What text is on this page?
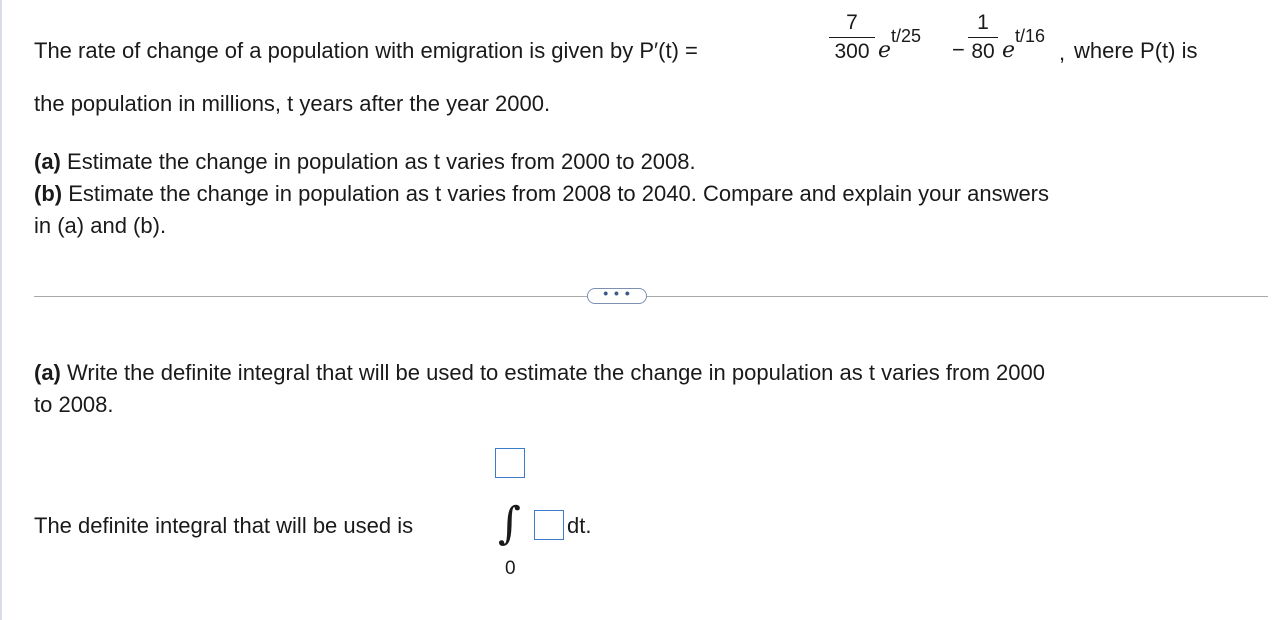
The rate of change of a population with emigration is given by P′(t) =
7
300 e
t/25
−
1
80 e
t/16
, where P(t) is
the population in millions, t years after the year 2000.
(a) Estimate the change in population as t varies from 2000 to 2008.
(b) Estimate the change in population as t varies from 2008 to 2040. Compare and explain your answers
in (a) and (b).
• • •
(a) Write the definite integral that will be used to estimate the change in population as t varies from 2000
to 2008.
The definite integral that will be used is ∫ dt.
0
